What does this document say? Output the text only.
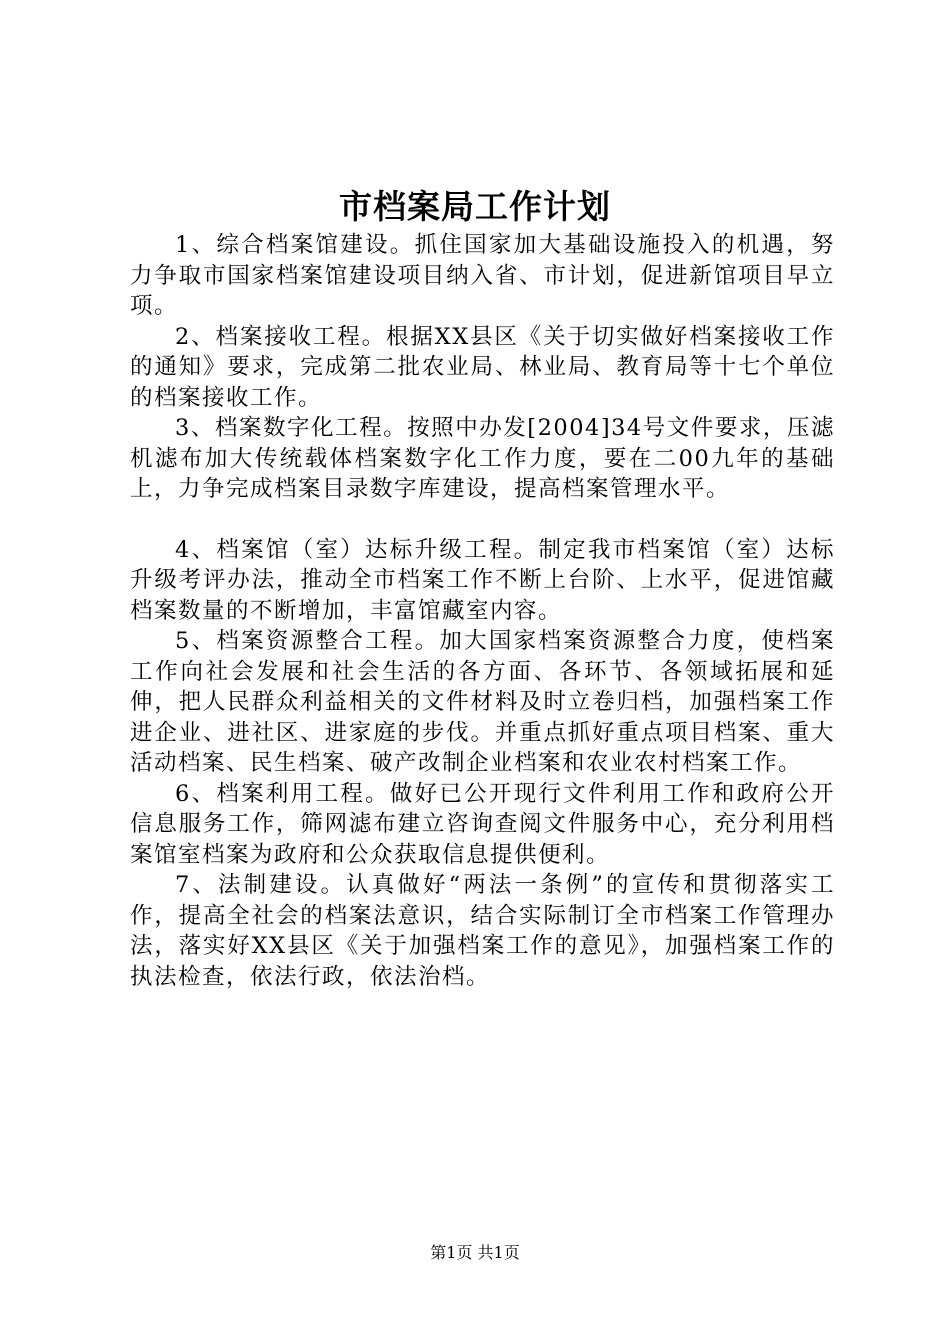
市档案局工作计划

1、综合档案馆建设。抓住国家加大基础设施投入的机遇，努力争取市国家档案馆建设项目纳入省、市计划，促进新馆项目早立项。

2、档案接收工程。根据XX县区《关于切实做好档案接收工作的通知》要求，完成第二批农业局、林业局、教育局等十七个单位的档案接收工作。

3、档案数字化工程。按照中办发[2004]34号文件要求，压滤机滤布加大传统载体档案数字化工作力度，要在二00九年的基础上，力争完成档案目录数字库建设，提高档案管理水平。

4、档案馆（室）达标升级工程。制定我市档案馆（室）达标升级考评办法，推动全市档案工作不断上台阶、上水平，促进馆藏档案数量的不断增加，丰富馆藏室内容。

5、档案资源整合工程。加大国家档案资源整合力度，使档案工作向社会发展和社会生活的各方面、各环节、各领域拓展和延伸，把人民群众利益相关的文件材料及时立卷归档，加强档案工作进企业、进社区、进家庭的步伐。并重点抓好重点项目档案、重大活动档案、民生档案、破产改制企业档案和农业农村档案工作。

6、档案利用工程。做好已公开现行文件利用工作和政府公开信息服务工作，筛网滤布建立咨询查阅文件服务中心，充分利用档案馆室档案为政府和公众获取信息提供便利。

7、法制建设。认真做好“两法一条例”的宣传和贯彻落实工作，提高全社会的档案法意识，结合实际制订全市档案工作管理办法，落实好XX县区《关于加强档案工作的意见》，加强档案工作的执法检查，依法行政，依法治档。

第1页 共1页
